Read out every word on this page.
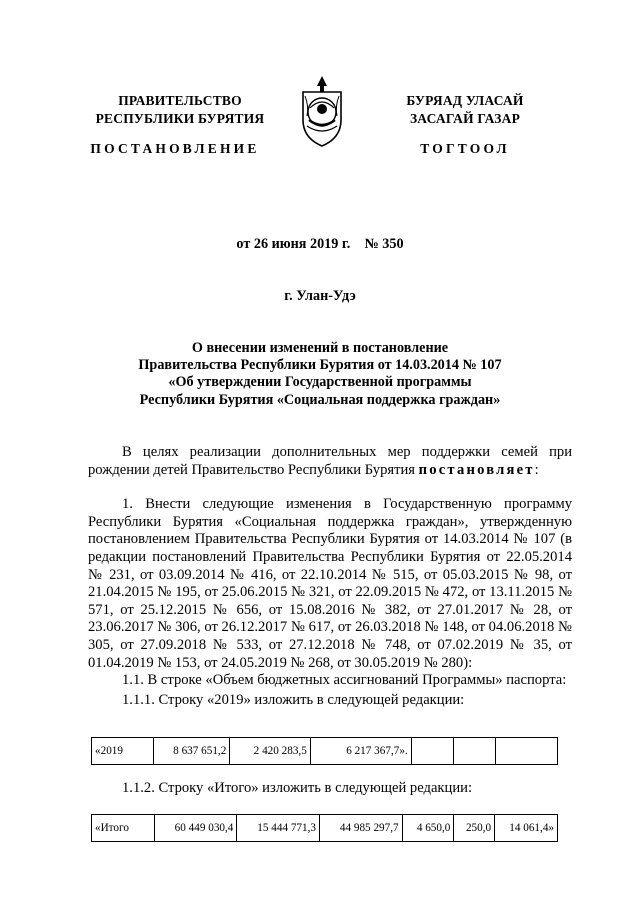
ПРАВИТЕЛЬСТВО
РЕСПУБЛИКИ БУРЯТИЯ
ПОСТАНОВЛЕНИЕ
БУРЯАД УЛАСАЙ
ЗАСАГАЙ ГАЗАР
ТОГТООЛ
от 26 июня 2019 г.    № 350
г. Улан-Удэ
О внесении изменений в постановление
Правительства Республики Бурятия от 14.03.2014 № 107
«Об утверждении Государственной программы
Республики Бурятия «Социальная поддержка граждан»

В целях реализации дополнительных мер поддержки семей при рождении детей Правительство Республики Бурятия постановляет:

1. Внести следующие изменения в Государственную программу Республики Бурятия «Социальная поддержка граждан», утвержденную постановлением Правительства Республики Бурятия от 14.03.2014 № 107 (в редакции постановлений Правительства Республики Бурятия от 22.05.2014 № 231, от 03.09.2014 № 416, от 22.10.2014 № 515, от 05.03.2015 № 98, от 21.04.2015 № 195, от 25.06.2015 № 321, от 22.09.2015 № 472, от 13.11.2015 № 571, от 25.12.2015 № 656, от 15.08.2016 № 382, от 27.01.2017 № 28, от 23.06.2017 № 306, от 26.12.2017 № 617, от 26.03.2018 № 148, от 04.06.2018 № 305, от 27.09.2018 № 533, от 27.12.2018 № 748, от 07.02.2019 № 35, от 01.04.2019 № 153, от 24.05.2019 № 268, от 30.05.2019 № 280):

1.1. В строке «Объем бюджетных ассигнований Программы» паспорта:

1.1.1. Строку «2019» изложить в следующей редакции:

«2019	8 637 651,2	2 420 283,5	6 217 367,7».			
1.1.2. Строку «Итого» изложить в следующей редакции:
«Итого	60 449 030,4	15 444 771,3	44 985 297,7	4 650,0	250,0	14 061,4»
